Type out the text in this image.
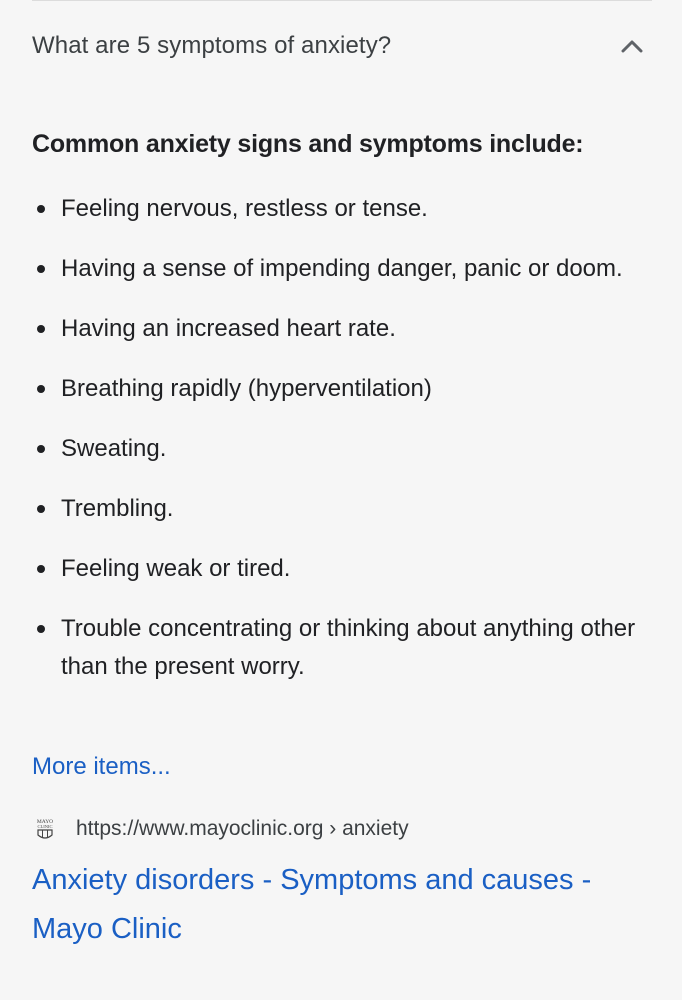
What are 5 symptoms of anxiety?
Common anxiety signs and symptoms include:
Feeling nervous, restless or tense.
Having a sense of impending danger, panic or doom.
Having an increased heart rate.
Breathing rapidly (hyperventilation)
Sweating.
Trembling.
Feeling weak or tired.
Trouble concentrating or thinking about anything other than the present worry.
More items...
MAYO
CLINIC https://www.mayoclinic.org › anxiety
Anxiety disorders - Symptoms and causes - Mayo Clinic
